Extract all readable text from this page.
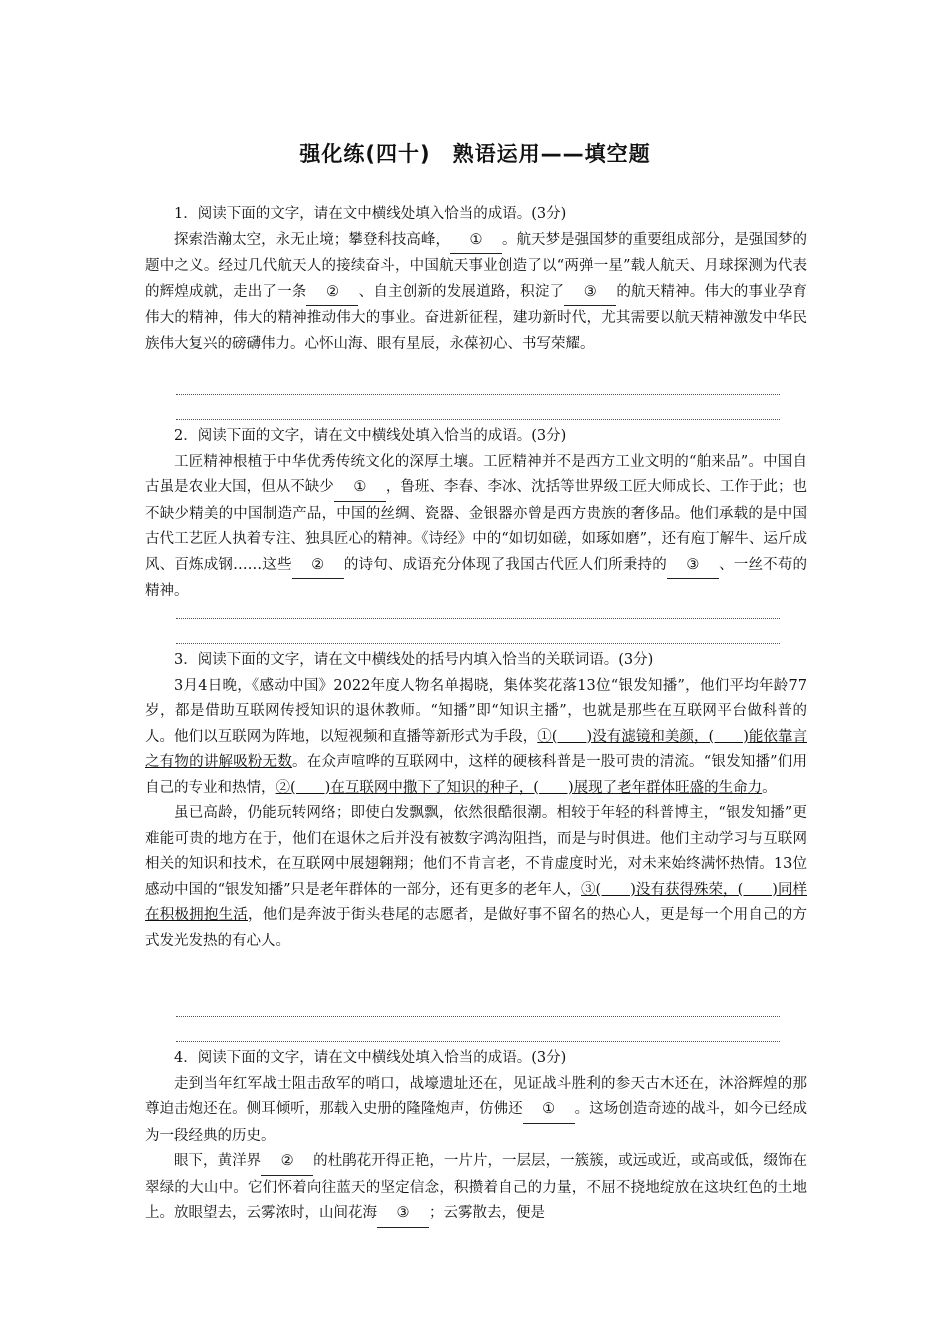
强化练(四十)　熟语运用——填空题

1．阅读下面的文字，请在文中横线处填入恰当的成语。(3分)

探索浩瀚太空，永无止境；攀登科技高峰， ① 。航天梦是强国梦的重要组成部分，是强国梦的题中之义。经过几代航天人的接续奋斗，中国航天事业创造了以“两弹一星”载人航天、月球探测为代表的辉煌成就，走出了一条 ② 、自主创新的发展道路，积淀了 ③ 的航天精神。伟大的事业孕育伟大的精神，伟大的精神推动伟大的事业。奋进新征程，建功新时代，尤其需要以航天精神激发中华民族伟大复兴的磅礴伟力。心怀山海、眼有星辰，永葆初心、书写荣耀。

2．阅读下面的文字，请在文中横线处填入恰当的成语。(3分)

工匠精神根植于中华优秀传统文化的深厚土壤。工匠精神并不是西方工业文明的“舶来品”。中国自古虽是农业大国，但从不缺少 ① ，鲁班、李春、李冰、沈括等世界级工匠大师成长、工作于此；也不缺少精美的中国制造产品，中国的丝绸、瓷器、金银器亦曾是西方贵族的奢侈品。他们承载的是中国古代工艺匠人执着专注、独具匠心的精神。《诗经》中的“如切如磋，如琢如磨”，还有庖丁解牛、运斤成风、百炼成钢……这些 ② 的诗句、成语充分体现了我国古代匠人们所秉持的 ③ 、一丝不苟的精神。

3．阅读下面的文字，请在文中横线处的括号内填入恰当的关联词语。(3分)

3月4日晚，《感动中国》2022年度人物名单揭晓，集体奖花落13位“银发知播”，他们平均年龄77岁，都是借助互联网传授知识的退休教师。“知播”即“知识主播”，也就是那些在互联网平台做科普的人。他们以互联网为阵地，以短视频和直播等新形式为手段，①(　　)没有滤镜和美颜，(　　)能依靠言之有物的讲解吸粉无数。在众声喧哗的互联网中，这样的硬核科普是一股可贵的清流。“银发知播”们用自己的专业和热情，②(　　)在互联网中撒下了知识的种子，(　　)展现了老年群体旺盛的生命力。

虽已高龄，仍能玩转网络；即使白发飘飘，依然很酷很潮。相较于年轻的科普博主，“银发知播”更难能可贵的地方在于，他们在退休之后并没有被数字鸿沟阻挡，而是与时俱进。他们主动学习与互联网相关的知识和技术，在互联网中展翅翱翔；他们不肯言老，不肯虚度时光，对未来始终满怀热情。13位感动中国的“银发知播”只是老年群体的一部分，还有更多的老年人，③(　　)没有获得殊荣，(　　)同样在积极拥抱生活，他们是奔波于街头巷尾的志愿者，是做好事不留名的热心人，更是每一个用自己的方式发光发热的有心人。

4．阅读下面的文字，请在文中横线处填入恰当的成语。(3分)

走到当年红军战士阻击敌军的哨口，战壕遗址还在，见证战斗胜利的参天古木还在，沐浴辉煌的那尊迫击炮还在。侧耳倾听，那载入史册的隆隆炮声，仿佛还 ① 。这场创造奇迹的战斗，如今已经成为一段经典的历史。

眼下，黄洋界 ② 的杜鹃花开得正艳，一片片，一层层，一簇簇，或远或近，或高或低，缀饰在翠绿的大山中。它们怀着向往蓝天的坚定信念，积攒着自己的力量，不屈不挠地绽放在这块红色的土地上。放眼望去，云雾浓时，山间花海 ③ ；云雾散去，便是
